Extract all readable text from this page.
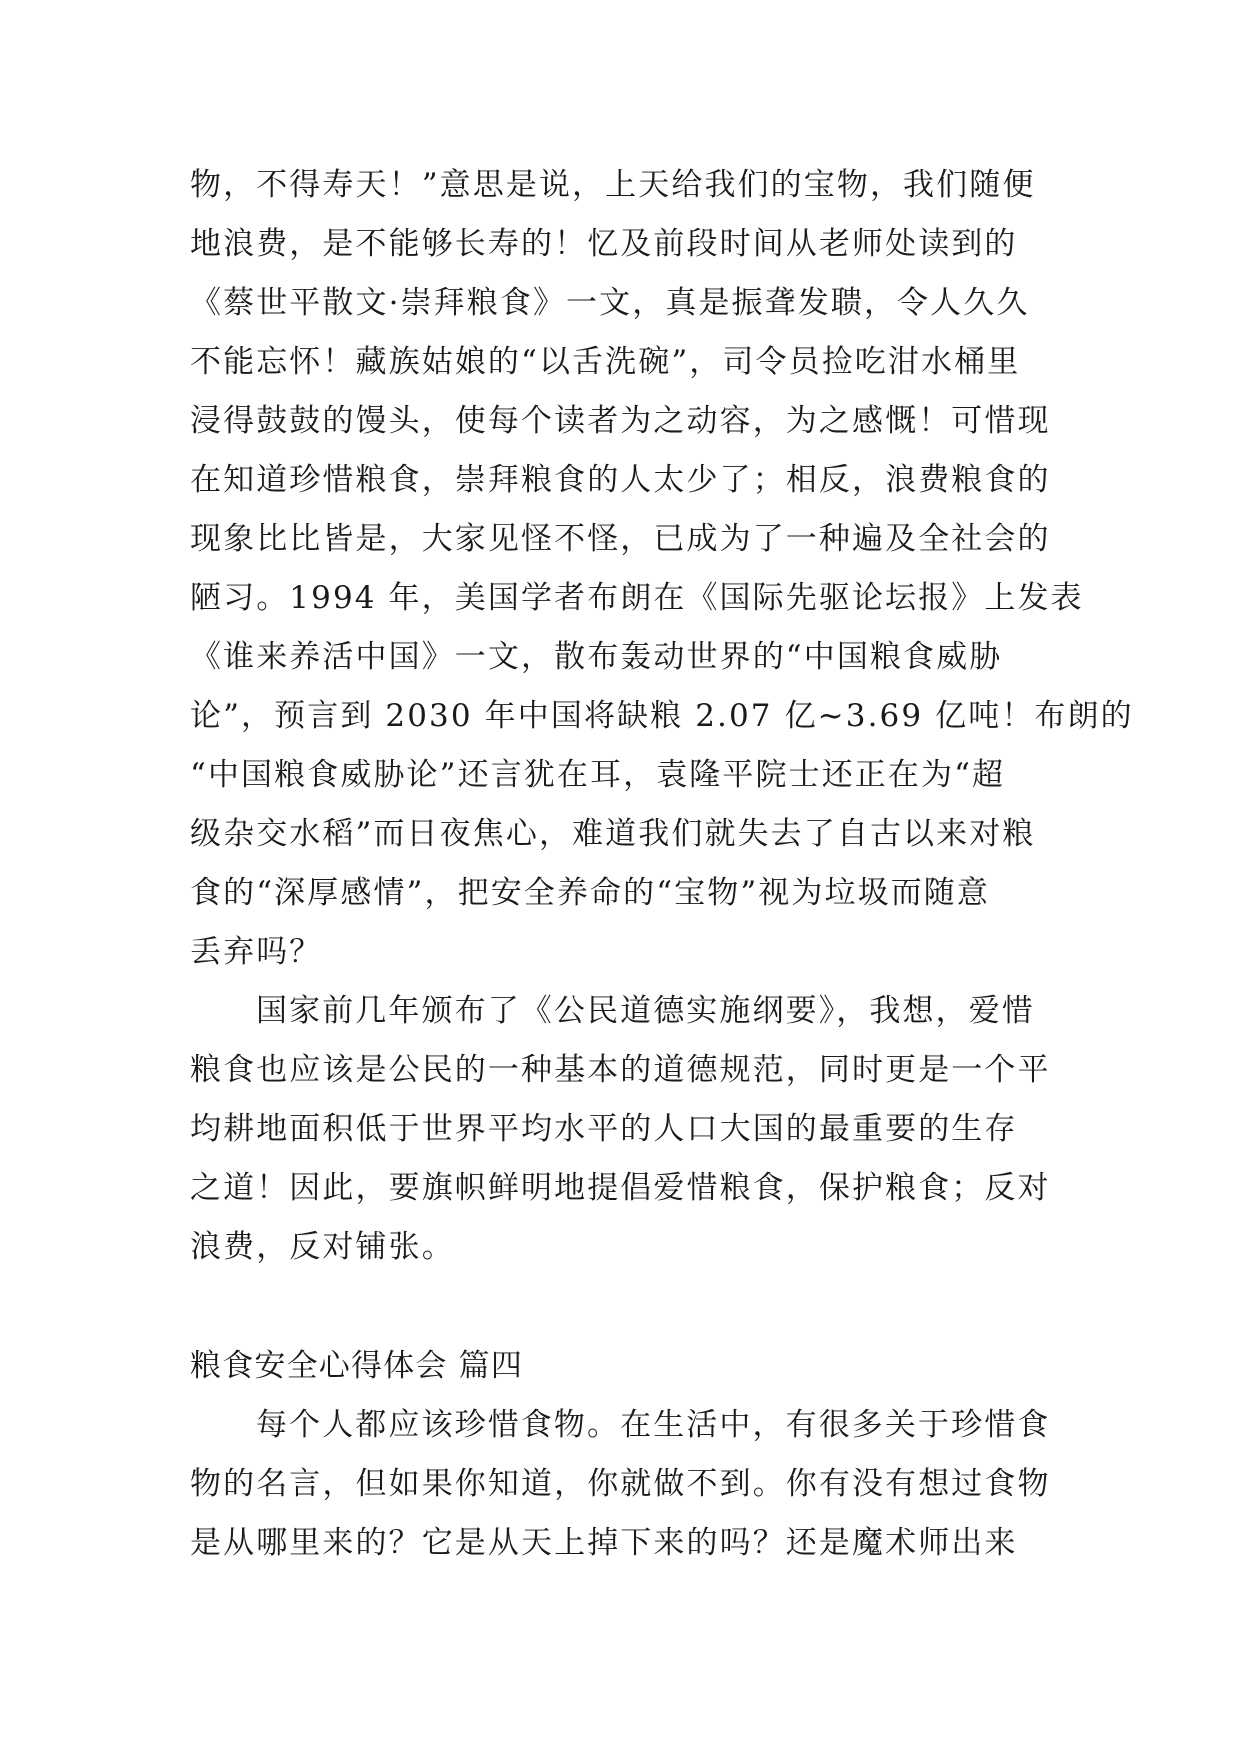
物，不得寿天！”意思是说，上天给我们的宝物，我们随便
地浪费，是不能够长寿的！忆及前段时间从老师处读到的
《蔡世平散文·崇拜粮食》一文，真是振聋发聩，令人久久
不能忘怀！藏族姑娘的“以舌洗碗”，司令员捡吃泔水桶里
浸得鼓鼓的馒头，使每个读者为之动容，为之感慨！可惜现
在知道珍惜粮食，崇拜粮食的人太少了；相反，浪费粮食的
现象比比皆是，大家见怪不怪，已成为了一种遍及全社会的
陋习。1994 年，美国学者布朗在《国际先驱论坛报》上发表
《谁来养活中国》一文，散布轰动世界的“中国粮食威胁
论”，预言到 2030 年中国将缺粮 2.07 亿~3.69 亿吨！布朗的
“中国粮食威胁论”还言犹在耳，袁隆平院士还正在为“超
级杂交水稻”而日夜焦心，难道我们就失去了自古以来对粮
食的“深厚感情”，把安全养命的“宝物”视为垃圾而随意
丢弃吗？
国家前几年颁布了《公民道德实施纲要》，我想，爱惜
粮食也应该是公民的一种基本的道德规范，同时更是一个平
均耕地面积低于世界平均水平的人口大国的最重要的生存
之道！因此，要旗帜鲜明地提倡爱惜粮食，保护粮食；反对
浪费，反对铺张。
粮食安全心得体会 篇四
每个人都应该珍惜食物。在生活中，有很多关于珍惜食
物的名言，但如果你知道，你就做不到。你有没有想过食物
是从哪里来的？它是从天上掉下来的吗？还是魔术师出来
